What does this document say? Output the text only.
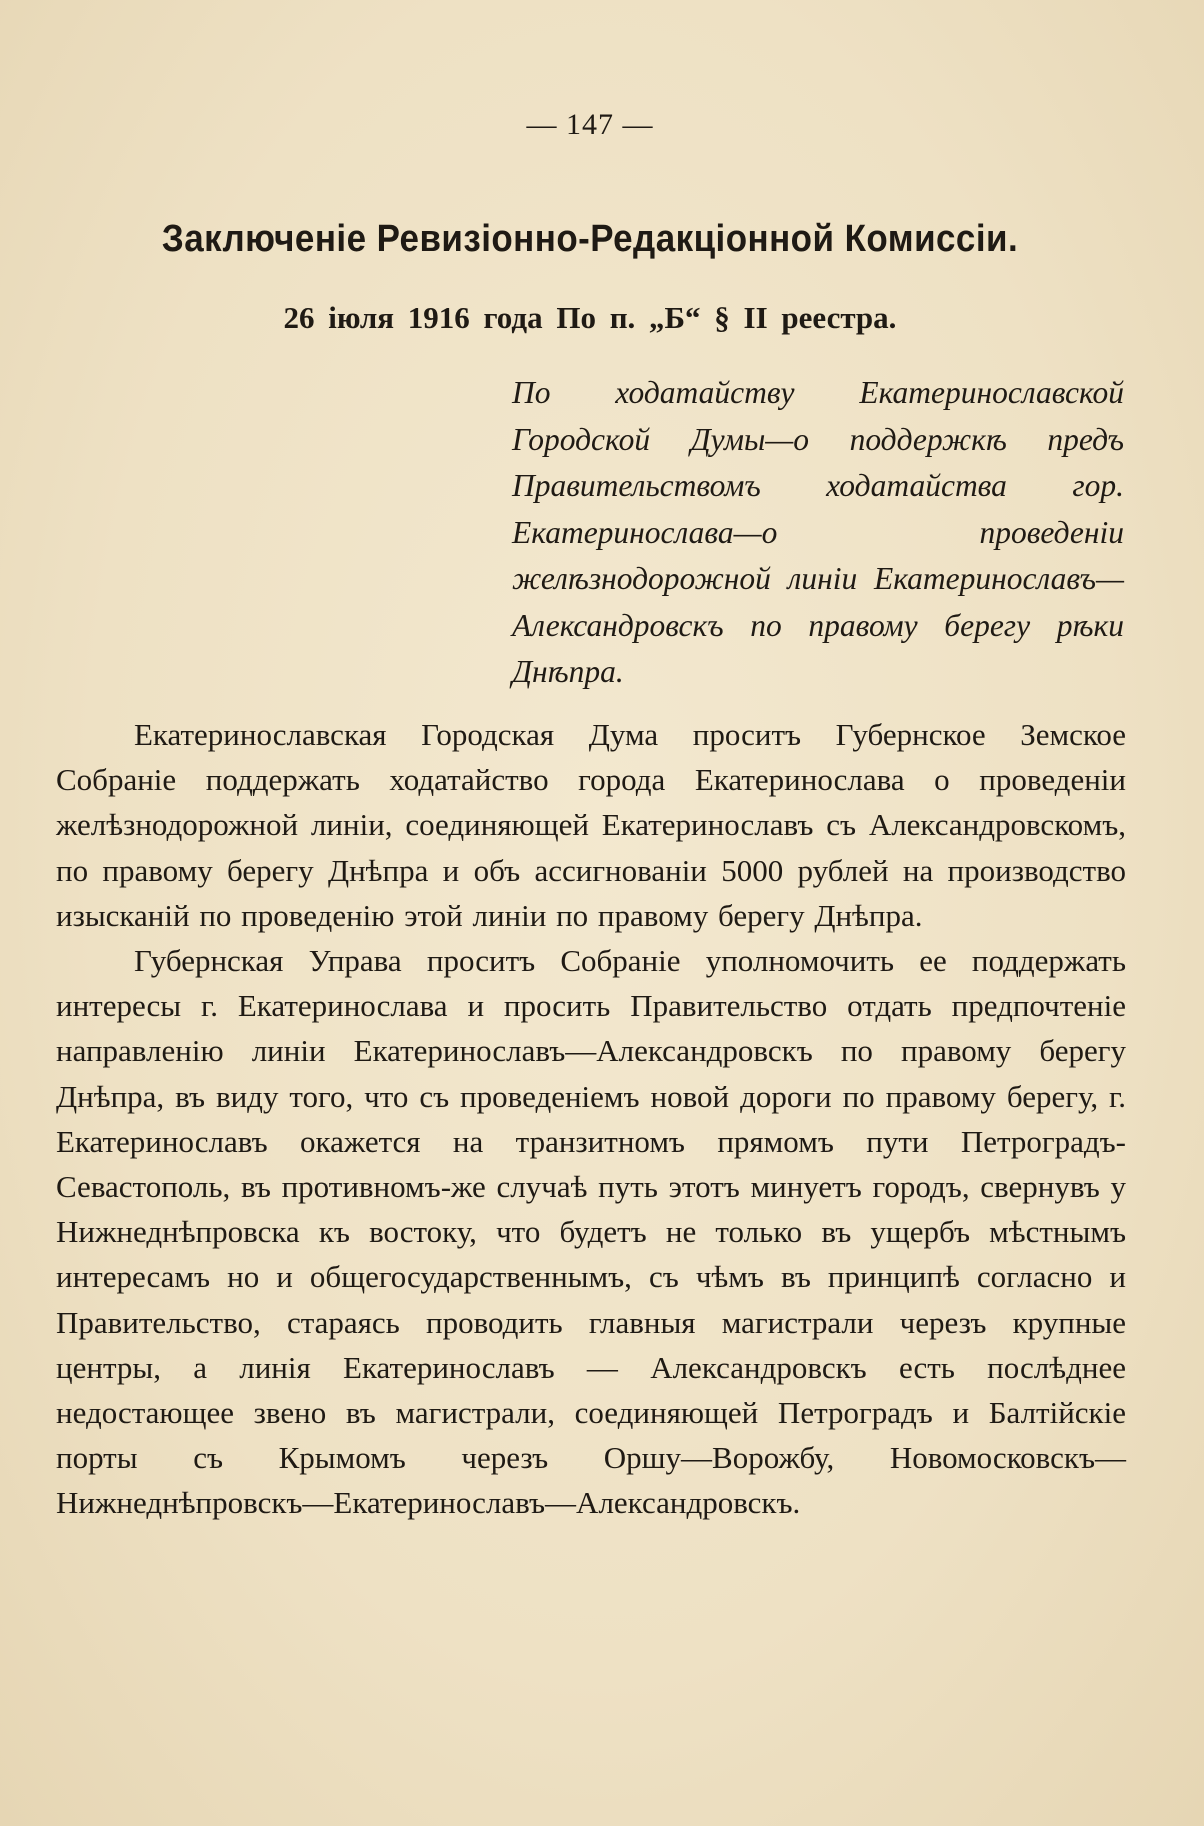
— 147 —
Заключеніе Ревизіонно-Редакціонной Комиссіи.
26 іюля 1916 года По п. „Б“ § II реестра.
По ходатайству Екатеринославской Городской Думы—о поддержкѣ предъ Правительствомъ ходатайства гор. Екатеринослава—о проведеніи желѣзнодорожной линіи Екатеринославъ—Александровскъ по правому берегу рѣки Днѣпра.

Екатеринославская Городская Дума проситъ Губернское Земское Собраніе поддержать ходатайство города Екатеринослава о проведеніи желѣзнодорожной линіи, соединяющей Екатеринославъ съ Александровскомъ, по правому берегу Днѣпра и объ ассигнованіи 5000 рублей на производство изысканій по проведенію этой линіи по правому берегу Днѣпра.

Губернская Управа проситъ Собраніе уполномочить ее поддержать интересы г. Екатеринослава и просить Правительство отдать предпочтеніе направленію линіи Екатеринославъ—Александровскъ по правому берегу Днѣпра, въ виду того, что съ проведеніемъ новой дороги по правому берегу, г. Екатеринославъ окажется на транзитномъ прямомъ пути Петроградъ-Севастополь, въ противномъ-же случаѣ путь этотъ минуетъ городъ, свернувъ у Нижнеднѣпровска къ востоку, что будетъ не только въ ущербъ мѣстнымъ интересамъ но и общегосударственнымъ, съ чѣмъ въ принципѣ согласно и Правительство, стараясь проводить главныя магистрали черезъ крупные центры, а линія Екатеринославъ — Александровскъ есть послѣднее недостающее звено въ магистрали, соединяющей Петроградъ и Балтійскіе порты съ Крымомъ черезъ Оршу—Ворожбу, Новомосковскъ—Нижнеднѣпровскъ—Екатеринославъ—Александровскъ.
